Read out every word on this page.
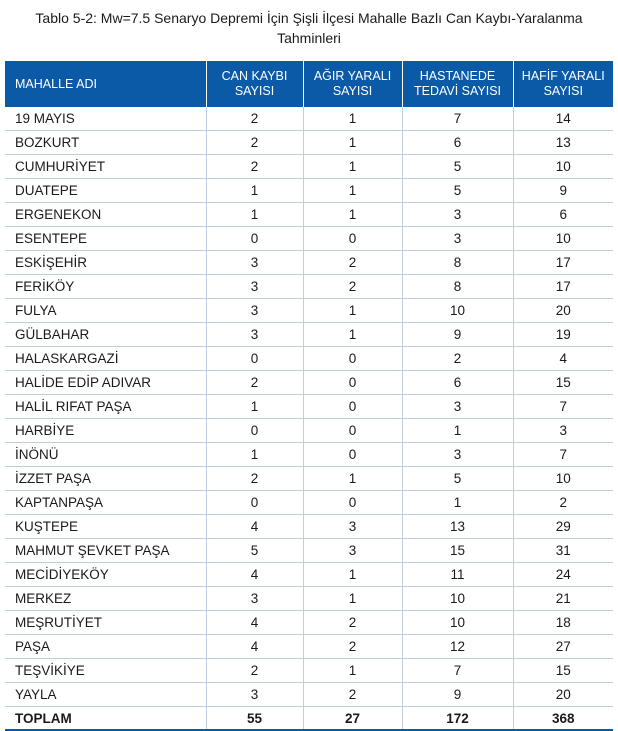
Tablo 5-2: Mw=7.5 Senaryo Depremi İçin Şişli İlçesi Mahalle Bazlı Can Kaybı-Yaralanma
Tahminleri
MAHALLE ADI	CAN KAYBI SAYISI	AĞIR YARALI SAYISI	HASTANEDE TEDAVİ SAYISI	HAFİF YARALI SAYISI
19 MAYIS	2	1	7	14
BOZKURT	2	1	6	13
CUMHURİYET	2	1	5	10
DUATEPE	1	1	5	9
ERGENEKON	1	1	3	6
ESENTEPE	0	0	3	10
ESKİŞEHİR	3	2	8	17
FERİKÖY	3	2	8	17
FULYA	3	1	10	20
GÜLBAHAR	3	1	9	19
HALASKARGAZİ	0	0	2	4
HALİDE EDİP ADIVAR	2	0	6	15
HALİL RIFAT PAŞA	1	0	3	7
HARBİYE	0	0	1	3
İNÖNÜ	1	0	3	7
İZZET PAŞA	2	1	5	10
KAPTANPAŞA	0	0	1	2
KUŞTEPE	4	3	13	29
MAHMUT ŞEVKET PAŞA	5	3	15	31
MECİDİYEKÖY	4	1	11	24
MERKEZ	3	1	10	21
MEŞRUTİYET	4	2	10	18
PAŞA	4	2	12	27
TEŞVİKİYE	2	1	7	15
YAYLA	3	2	9	20
TOPLAM	55	27	172	368
